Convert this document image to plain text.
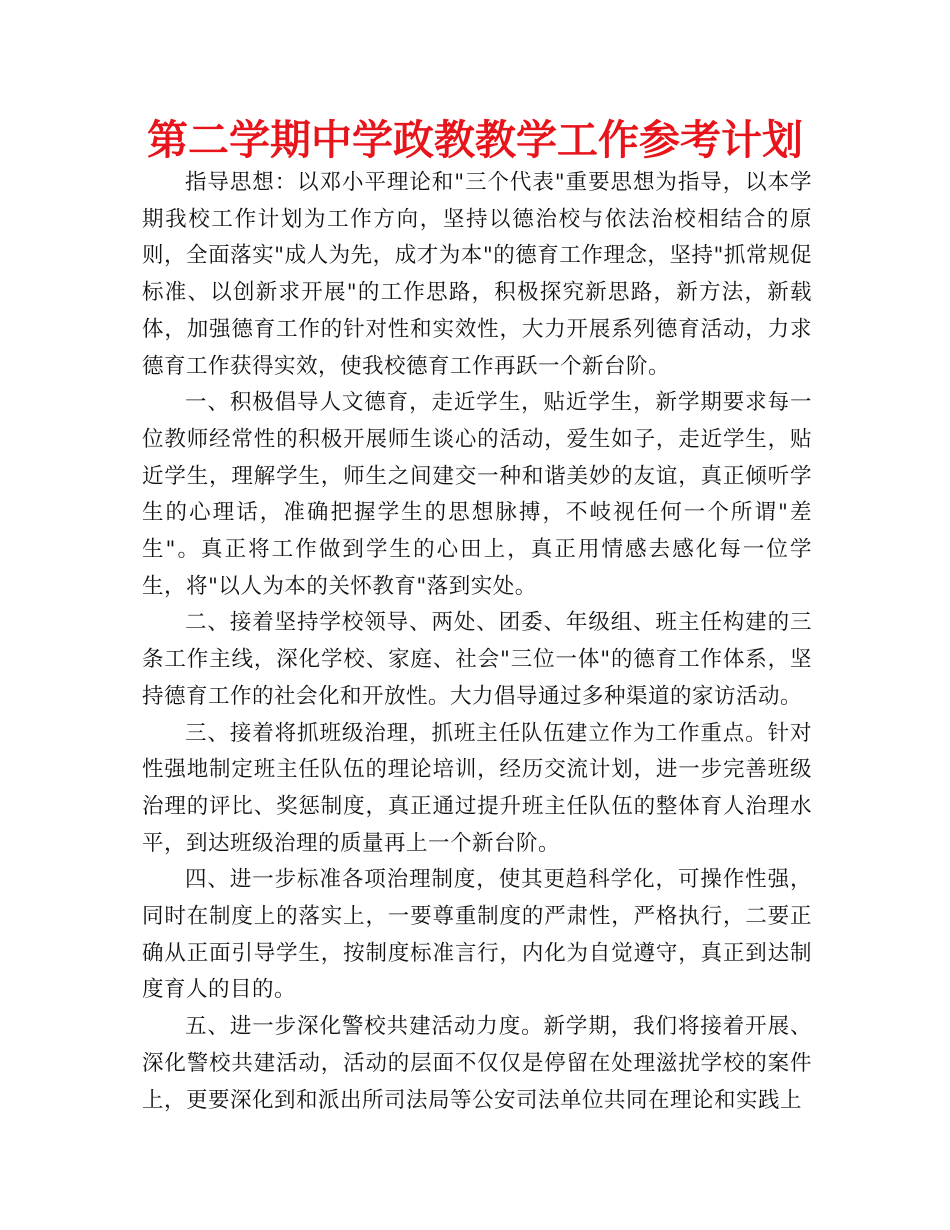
第二学期中学政教教学工作参考计划

指导思想：以邓小平理论和"三个代表"重要思想为指导，以本学期我校工作计划为工作方向，坚持以德治校与依法治校相结合的原则，全面落实"成人为先，成才为本"的德育工作理念，坚持"抓常规促标准、以创新求开展"的工作思路，积极探究新思路，新方法，新载体，加强德育工作的针对性和实效性，大力开展系列德育活动，力求德育工作获得实效，使我校德育工作再跃一个新台阶。

一、积极倡导人文德育，走近学生，贴近学生，新学期要求每一位教师经常性的积极开展师生谈心的活动，爱生如子，走近学生，贴近学生，理解学生，师生之间建交一种和谐美妙的友谊，真正倾听学生的心理话，准确把握学生的思想脉搏，不岐视任何一个所谓"差生"。真正将工作做到学生的心田上，真正用情感去感化每一位学生，将"以人为本的关怀教育"落到实处。

二、接着坚持学校领导、两处、团委、年级组、班主任构建的三条工作主线，深化学校、家庭、社会"三位一体"的德育工作体系，坚持德育工作的社会化和开放性。大力倡导通过多种渠道的家访活动。

三、接着将抓班级治理，抓班主任队伍建立作为工作重点。针对性强地制定班主任队伍的理论培训，经历交流计划，进一步完善班级治理的评比、奖惩制度，真正通过提升班主任队伍的整体育人治理水平，到达班级治理的质量再上一个新台阶。

四、进一步标准各项治理制度，使其更趋科学化，可操作性强，同时在制度上的落实上，一要尊重制度的严肃性，严格执行，二要正确从正面引导学生，按制度标准言行，内化为自觉遵守，真正到达制度育人的目的。

五、进一步深化警校共建活动力度。新学期，我们将接着开展、深化警校共建活动，活动的层面不仅仅是停留在处理滋扰学校的案件上，更要深化到和派出所司法局等公安司法单位共同在理论和实践上
